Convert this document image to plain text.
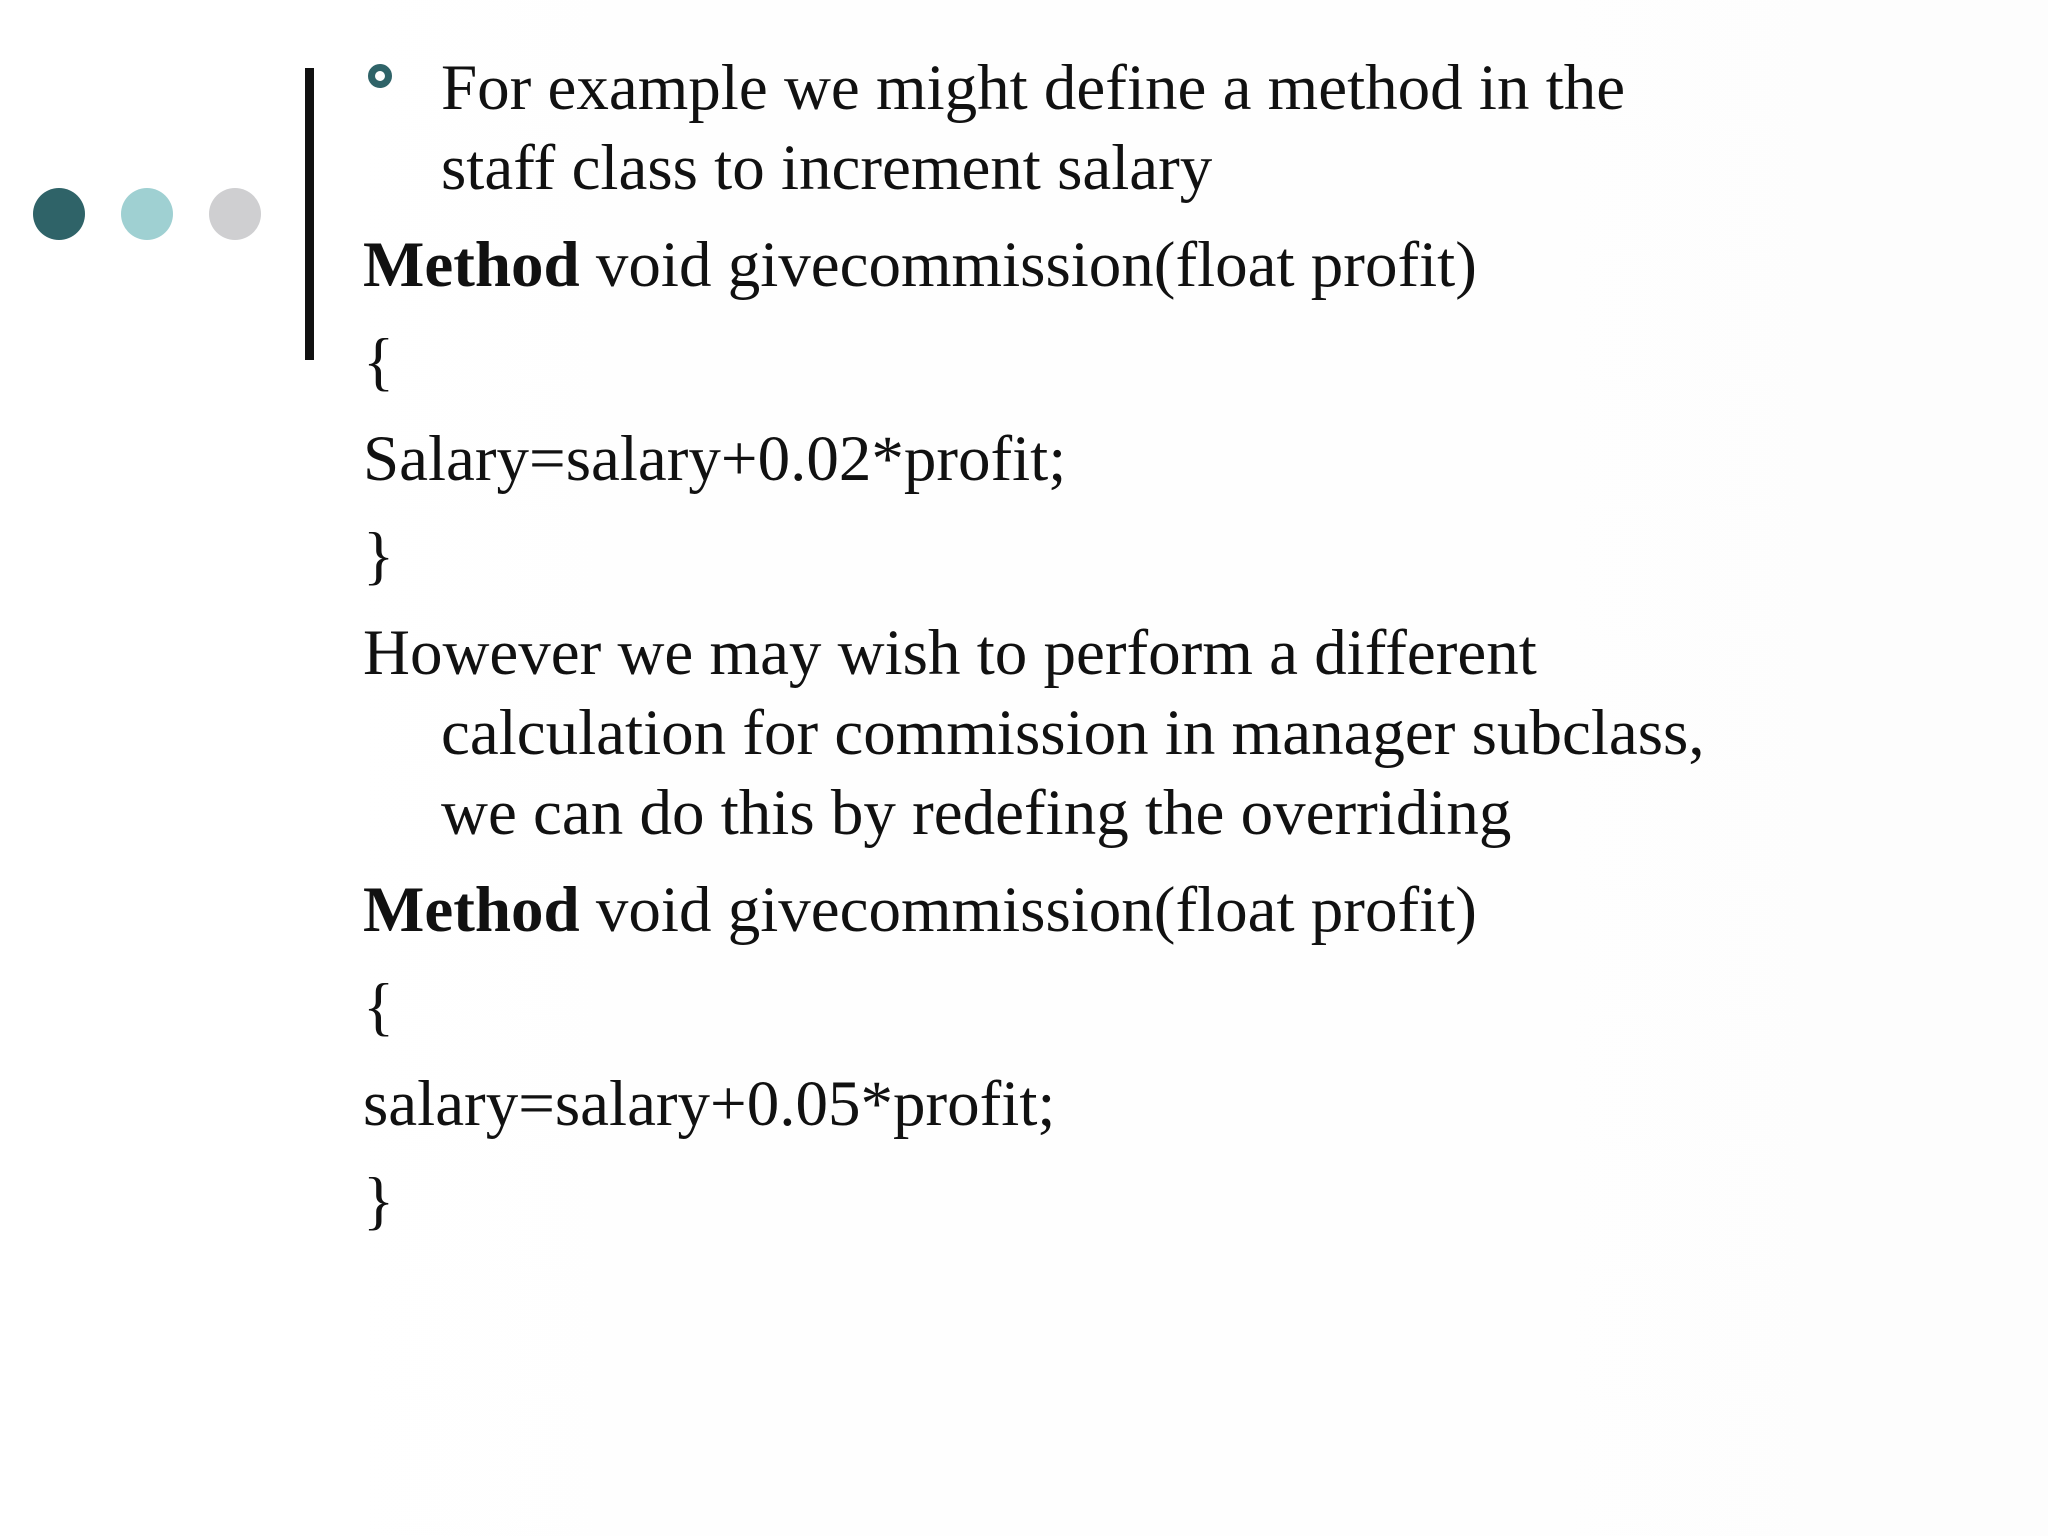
For example we might define a method in the
staff class to increment salary
Method void givecommission(float profit)
{
Salary=salary+0.02*profit;
}
However we may wish to perform a different
calculation for commission in manager subclass,
we can do this by redefing the overriding
Method void givecommission(float profit)
{
salary=salary+0.05*profit;
}
